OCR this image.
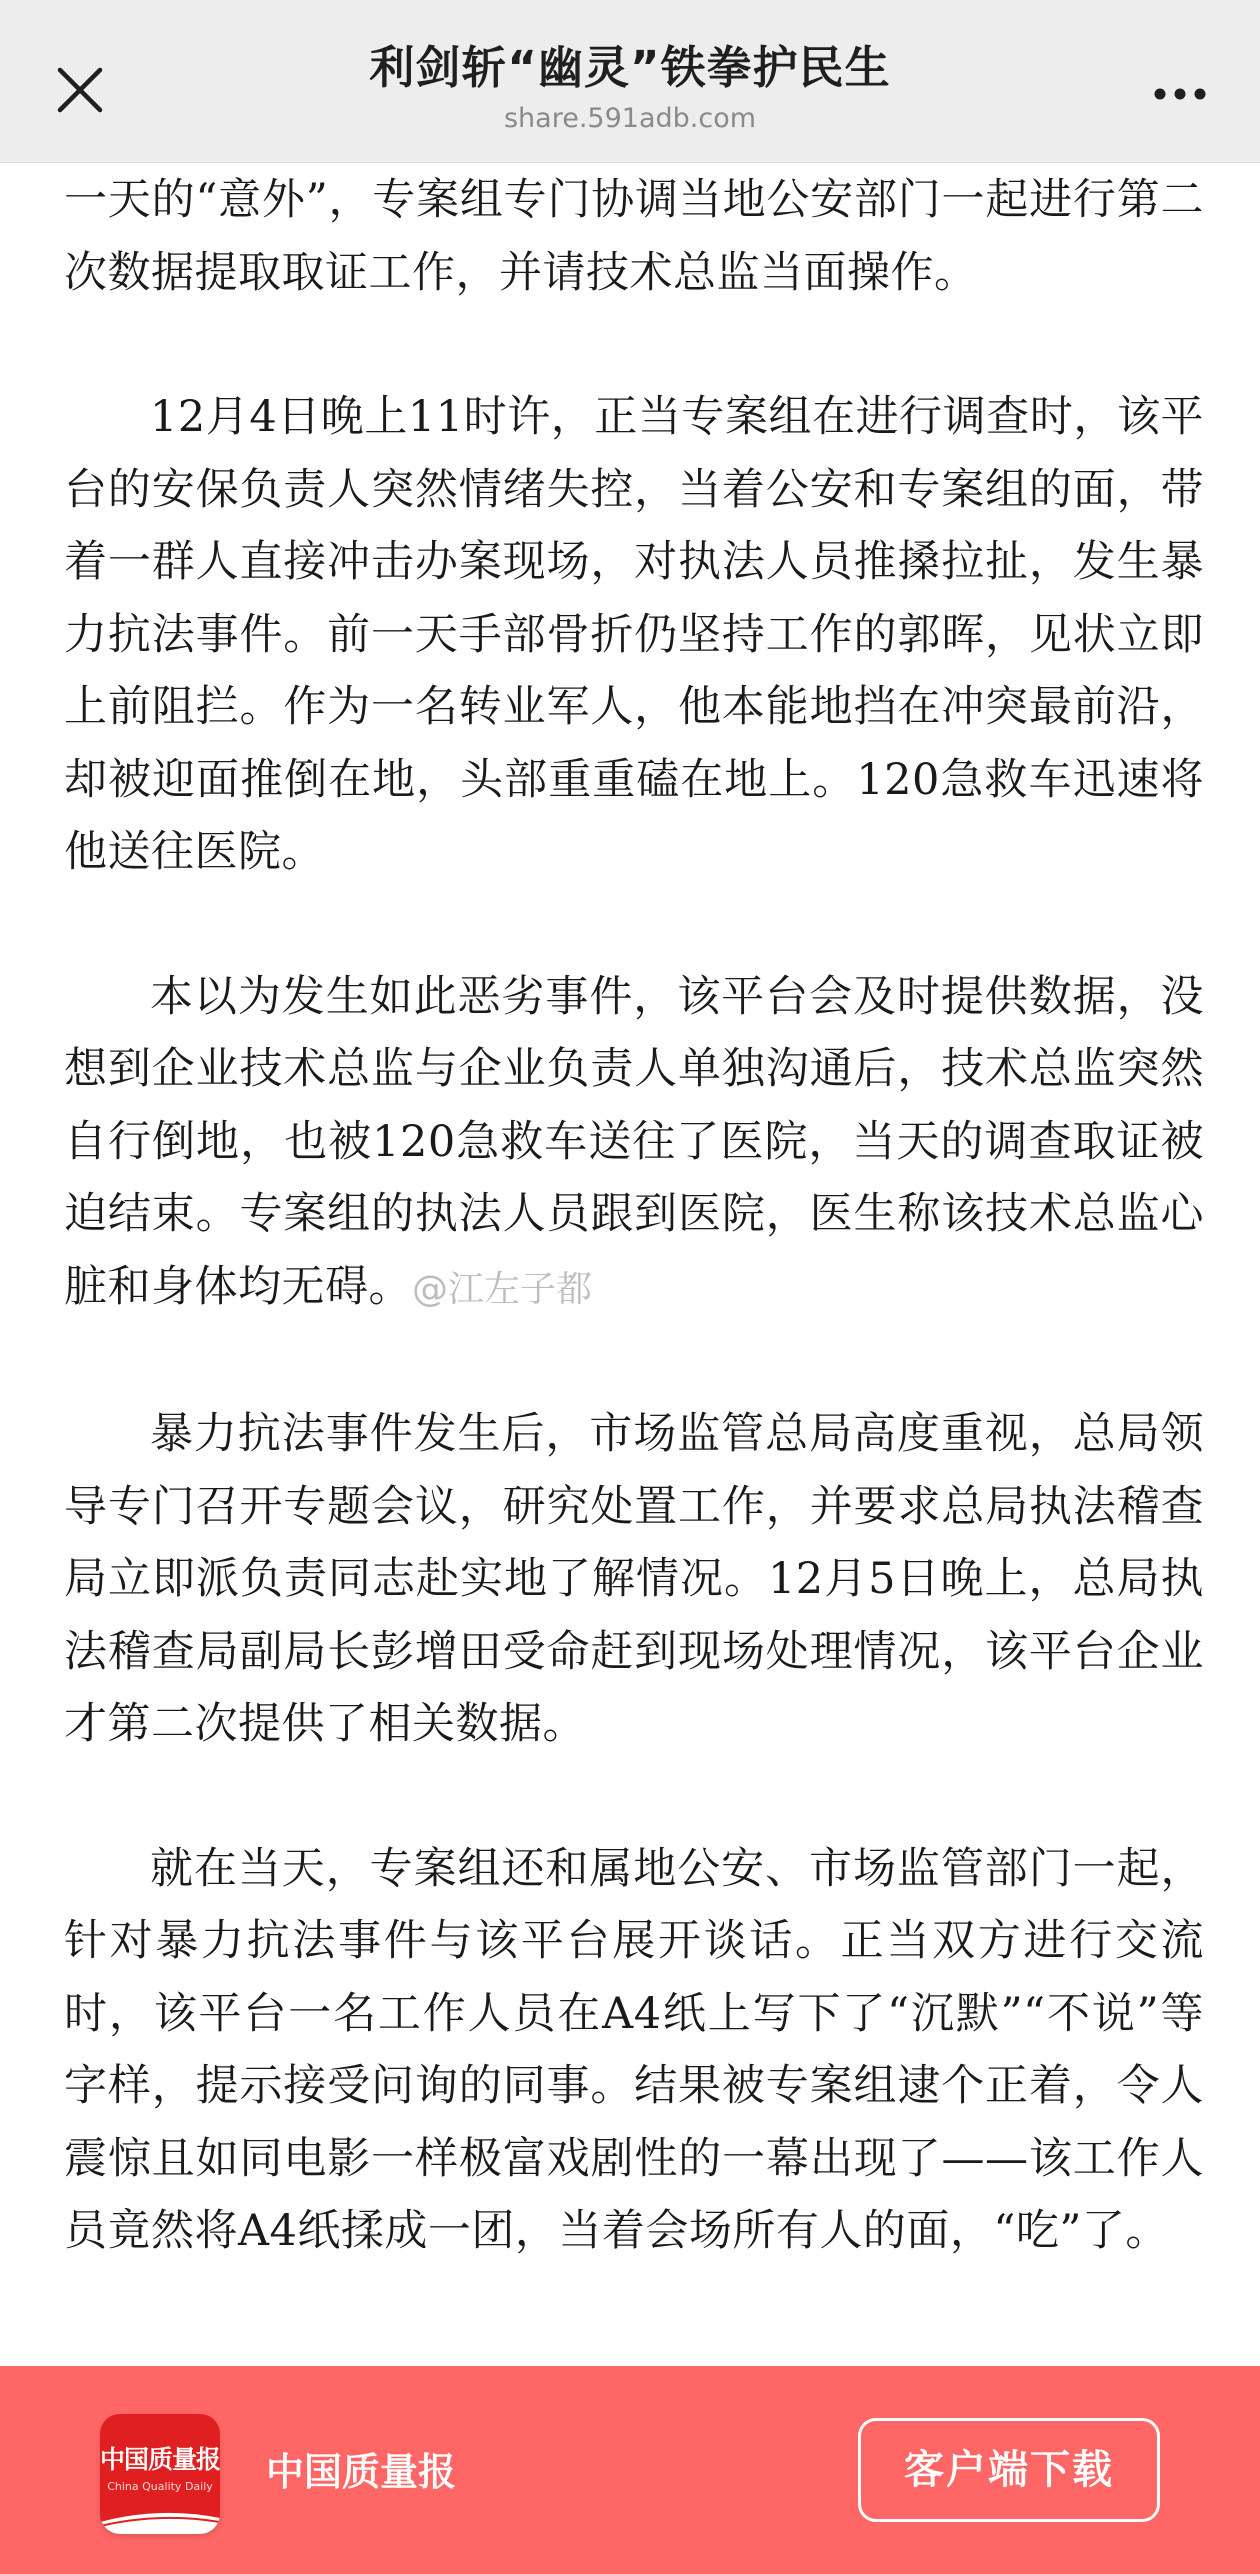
利剑斩“幽灵”铁拳护民生
share.591adb.com

一天的“意外”，专案组专门协调当地公安部门一起进行第二次数据提取取证工作，并请技术总监当面操作。

12月4日晚上11时许，正当专案组在进行调查时，该平台的安保负责人突然情绪失控，当着公安和专案组的面，带着一群人直接冲击办案现场，对执法人员推搡拉扯，发生暴力抗法事件。前一天手部骨折仍坚持工作的郭晖，见状立即上前阻拦。作为一名转业军人，他本能地挡在冲突最前沿，却被迎面推倒在地，头部重重磕在地上。120急救车迅速将他送往医院。

本以为发生如此恶劣事件，该平台会及时提供数据，没想到企业技术总监与企业负责人单独沟通后，技术总监突然自行倒地，也被120急救车送往了医院，当天的调查取证被迫结束。专案组的执法人员跟到医院，医生称该技术总监心脏和身体均无碍。@江左子都

暴力抗法事件发生后，市场监管总局高度重视，总局领导专门召开专题会议，研究处置工作，并要求总局执法稽查局立即派负责同志赴实地了解情况。12月5日晚上，总局执法稽查局副局长彭增田受命赶到现场处理情况，该平台企业才第二次提供了相关数据。

就在当天，专案组还和属地公安、市场监管部门一起，针对暴力抗法事件与该平台展开谈话。正当双方进行交流时，该平台一名工作人员在A4纸上写下了“沉默”“不说”等字样，提示接受问询的同事。结果被专案组逮个正着，令人震惊且如同电影一样极富戏剧性的一幕出现了——该工作人员竟然将A4纸揉成一团，当着会场所有人的面，“吃”了。

中国质量报
China Quality Daily 中国质量报	客户端下载
